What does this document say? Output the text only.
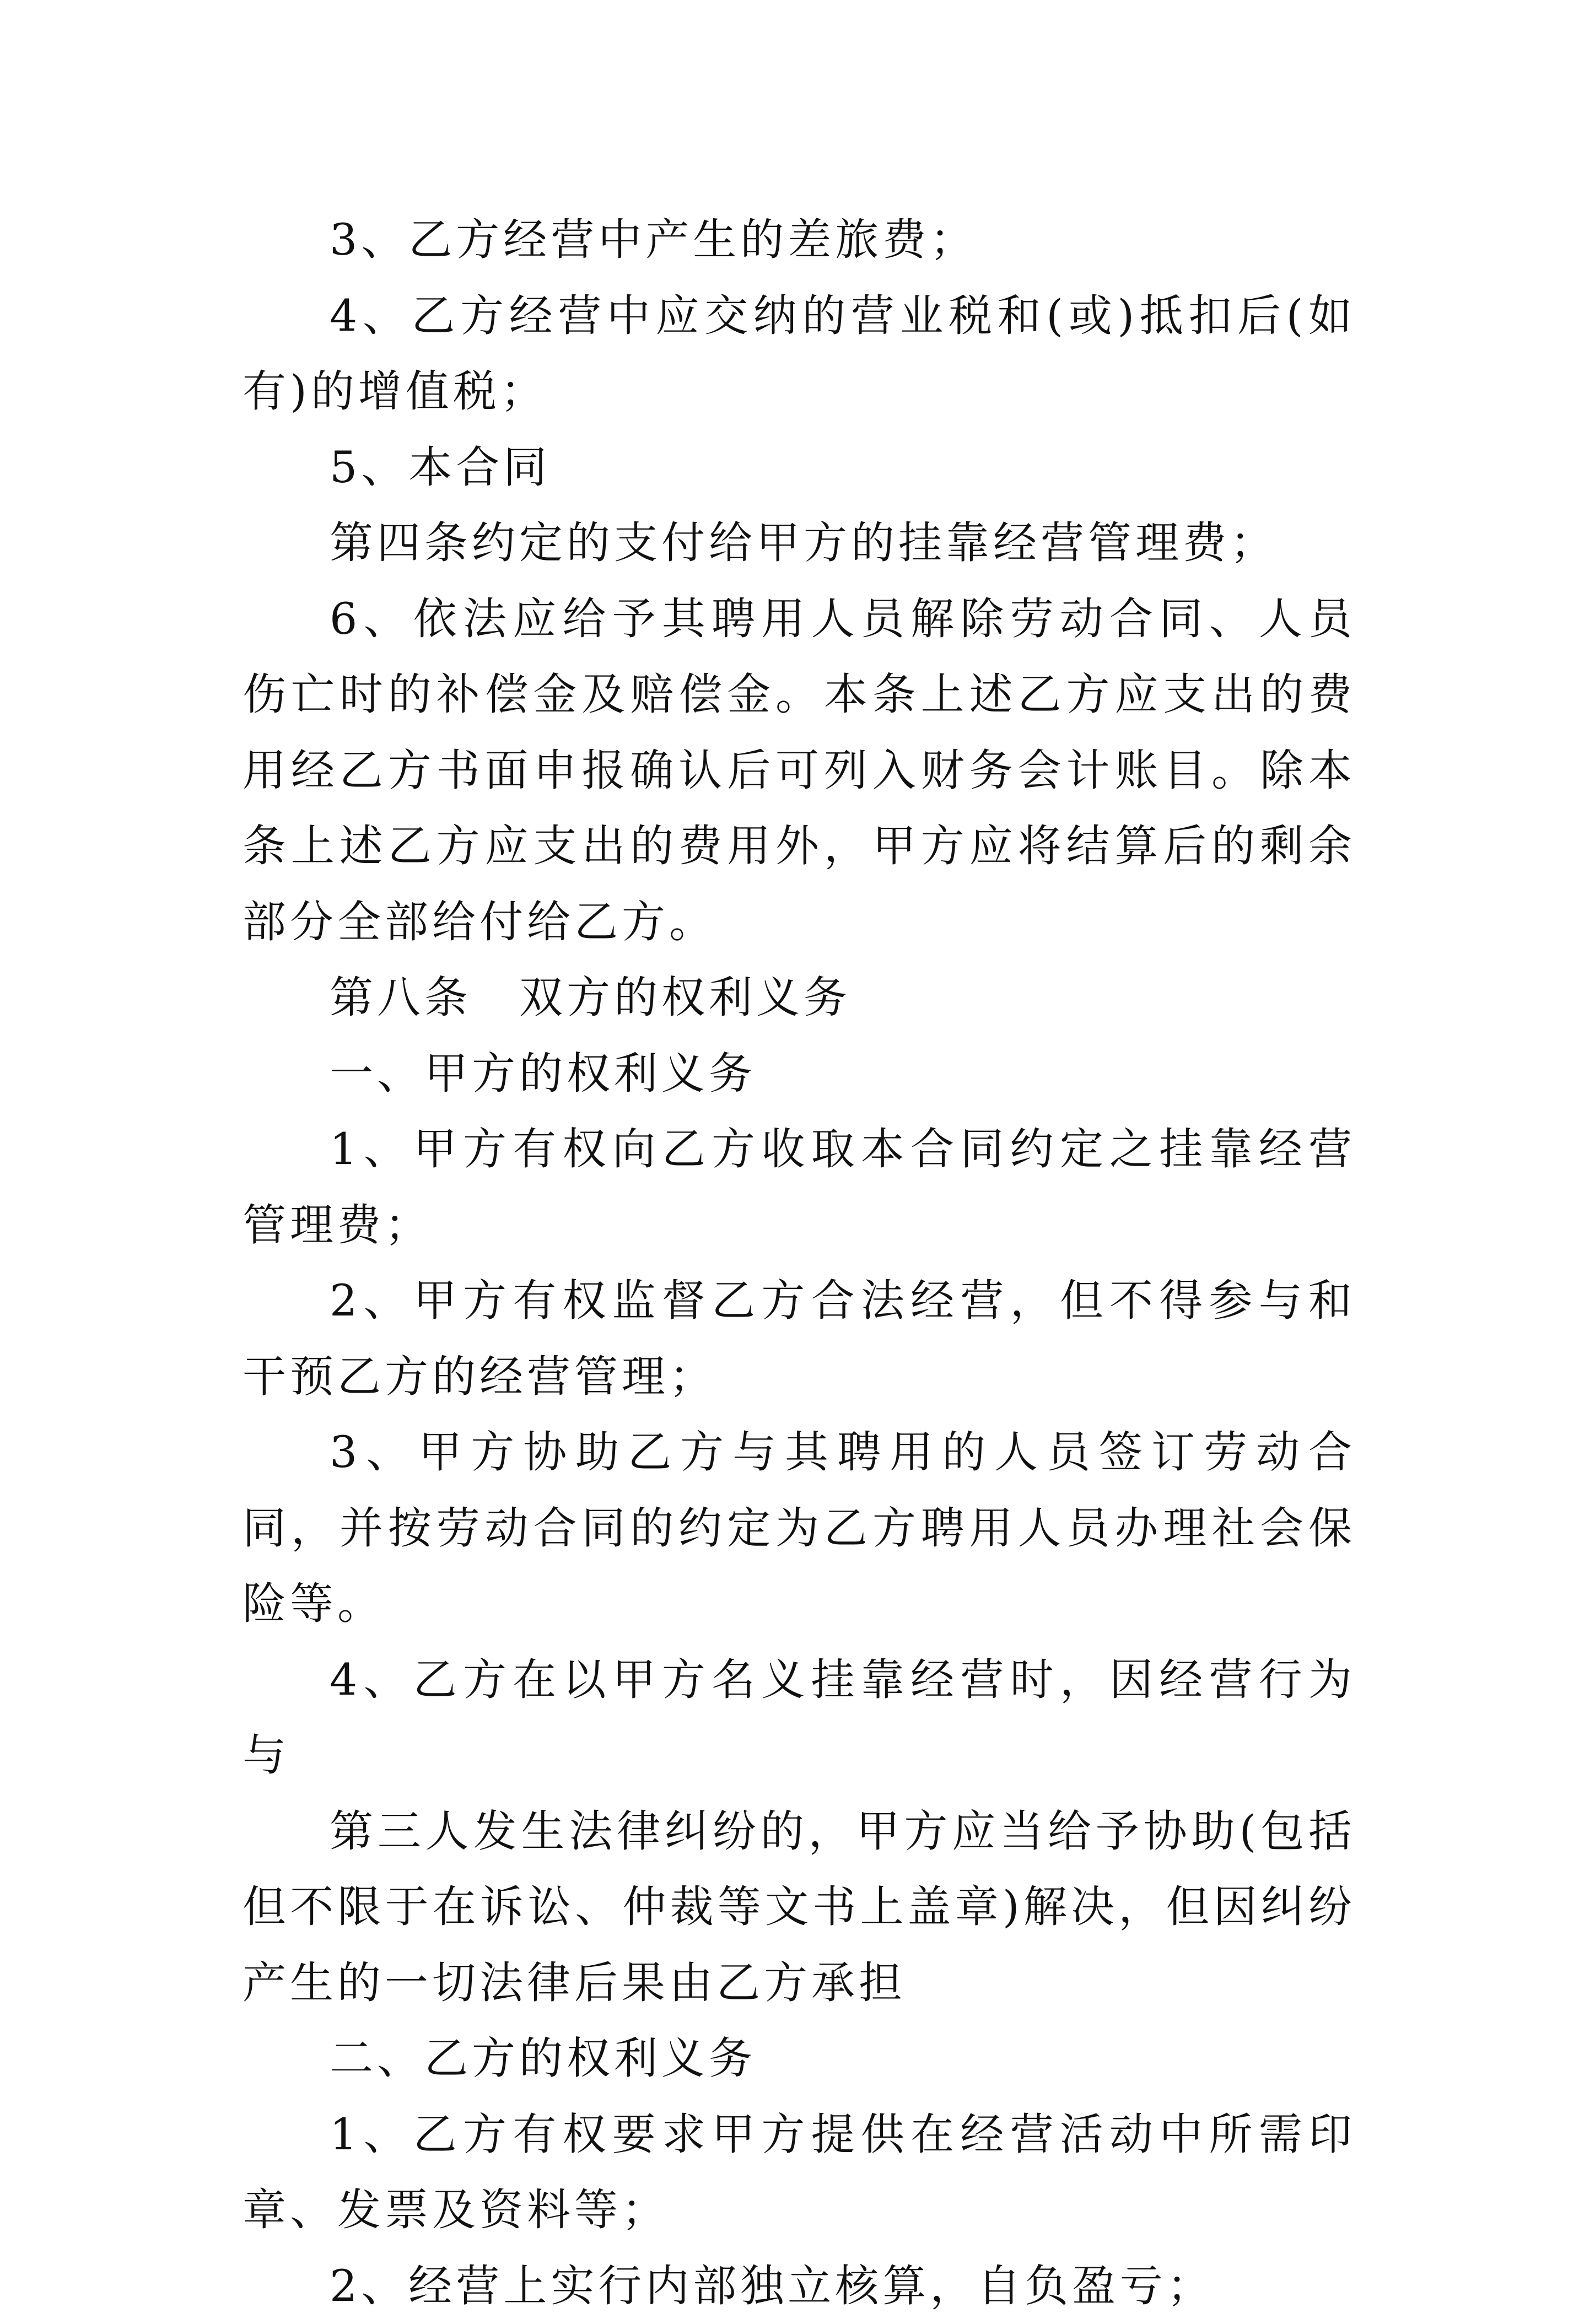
3、乙方经营中产生的差旅费；

4、乙方经营中应交纳的营业税和(或)抵扣后(如有)的增值税；

5、本合同

第四条约定的支付给甲方的挂靠经营管理费；

6、依法应给予其聘用人员解除劳动合同、人员伤亡时的补偿金及赔偿金。本条上述乙方应支出的费用经乙方书面申报确认后可列入财务会计账目。除本条上述乙方应支出的费用外，甲方应将结算后的剩余部分全部给付给乙方。

第八条　双方的权利义务

一、甲方的权利义务

1、甲方有权向乙方收取本合同约定之挂靠经营管理费；

2、甲方有权监督乙方合法经营，但不得参与和干预乙方的经营管理；

3、甲方协助乙方与其聘用的人员签订劳动合同，并按劳动合同的约定为乙方聘用人员办理社会保险等。

4、乙方在以甲方名义挂靠经营时，因经营行为与

第三人发生法律纠纷的，甲方应当给予协助(包括但不限于在诉讼、仲裁等文书上盖章)解决，但因纠纷产生的一切法律后果由乙方承担

二、乙方的权利义务

1、乙方有权要求甲方提供在经营活动中所需印章、发票及资料等；

2、经营上实行内部独立核算，自负盈亏；
